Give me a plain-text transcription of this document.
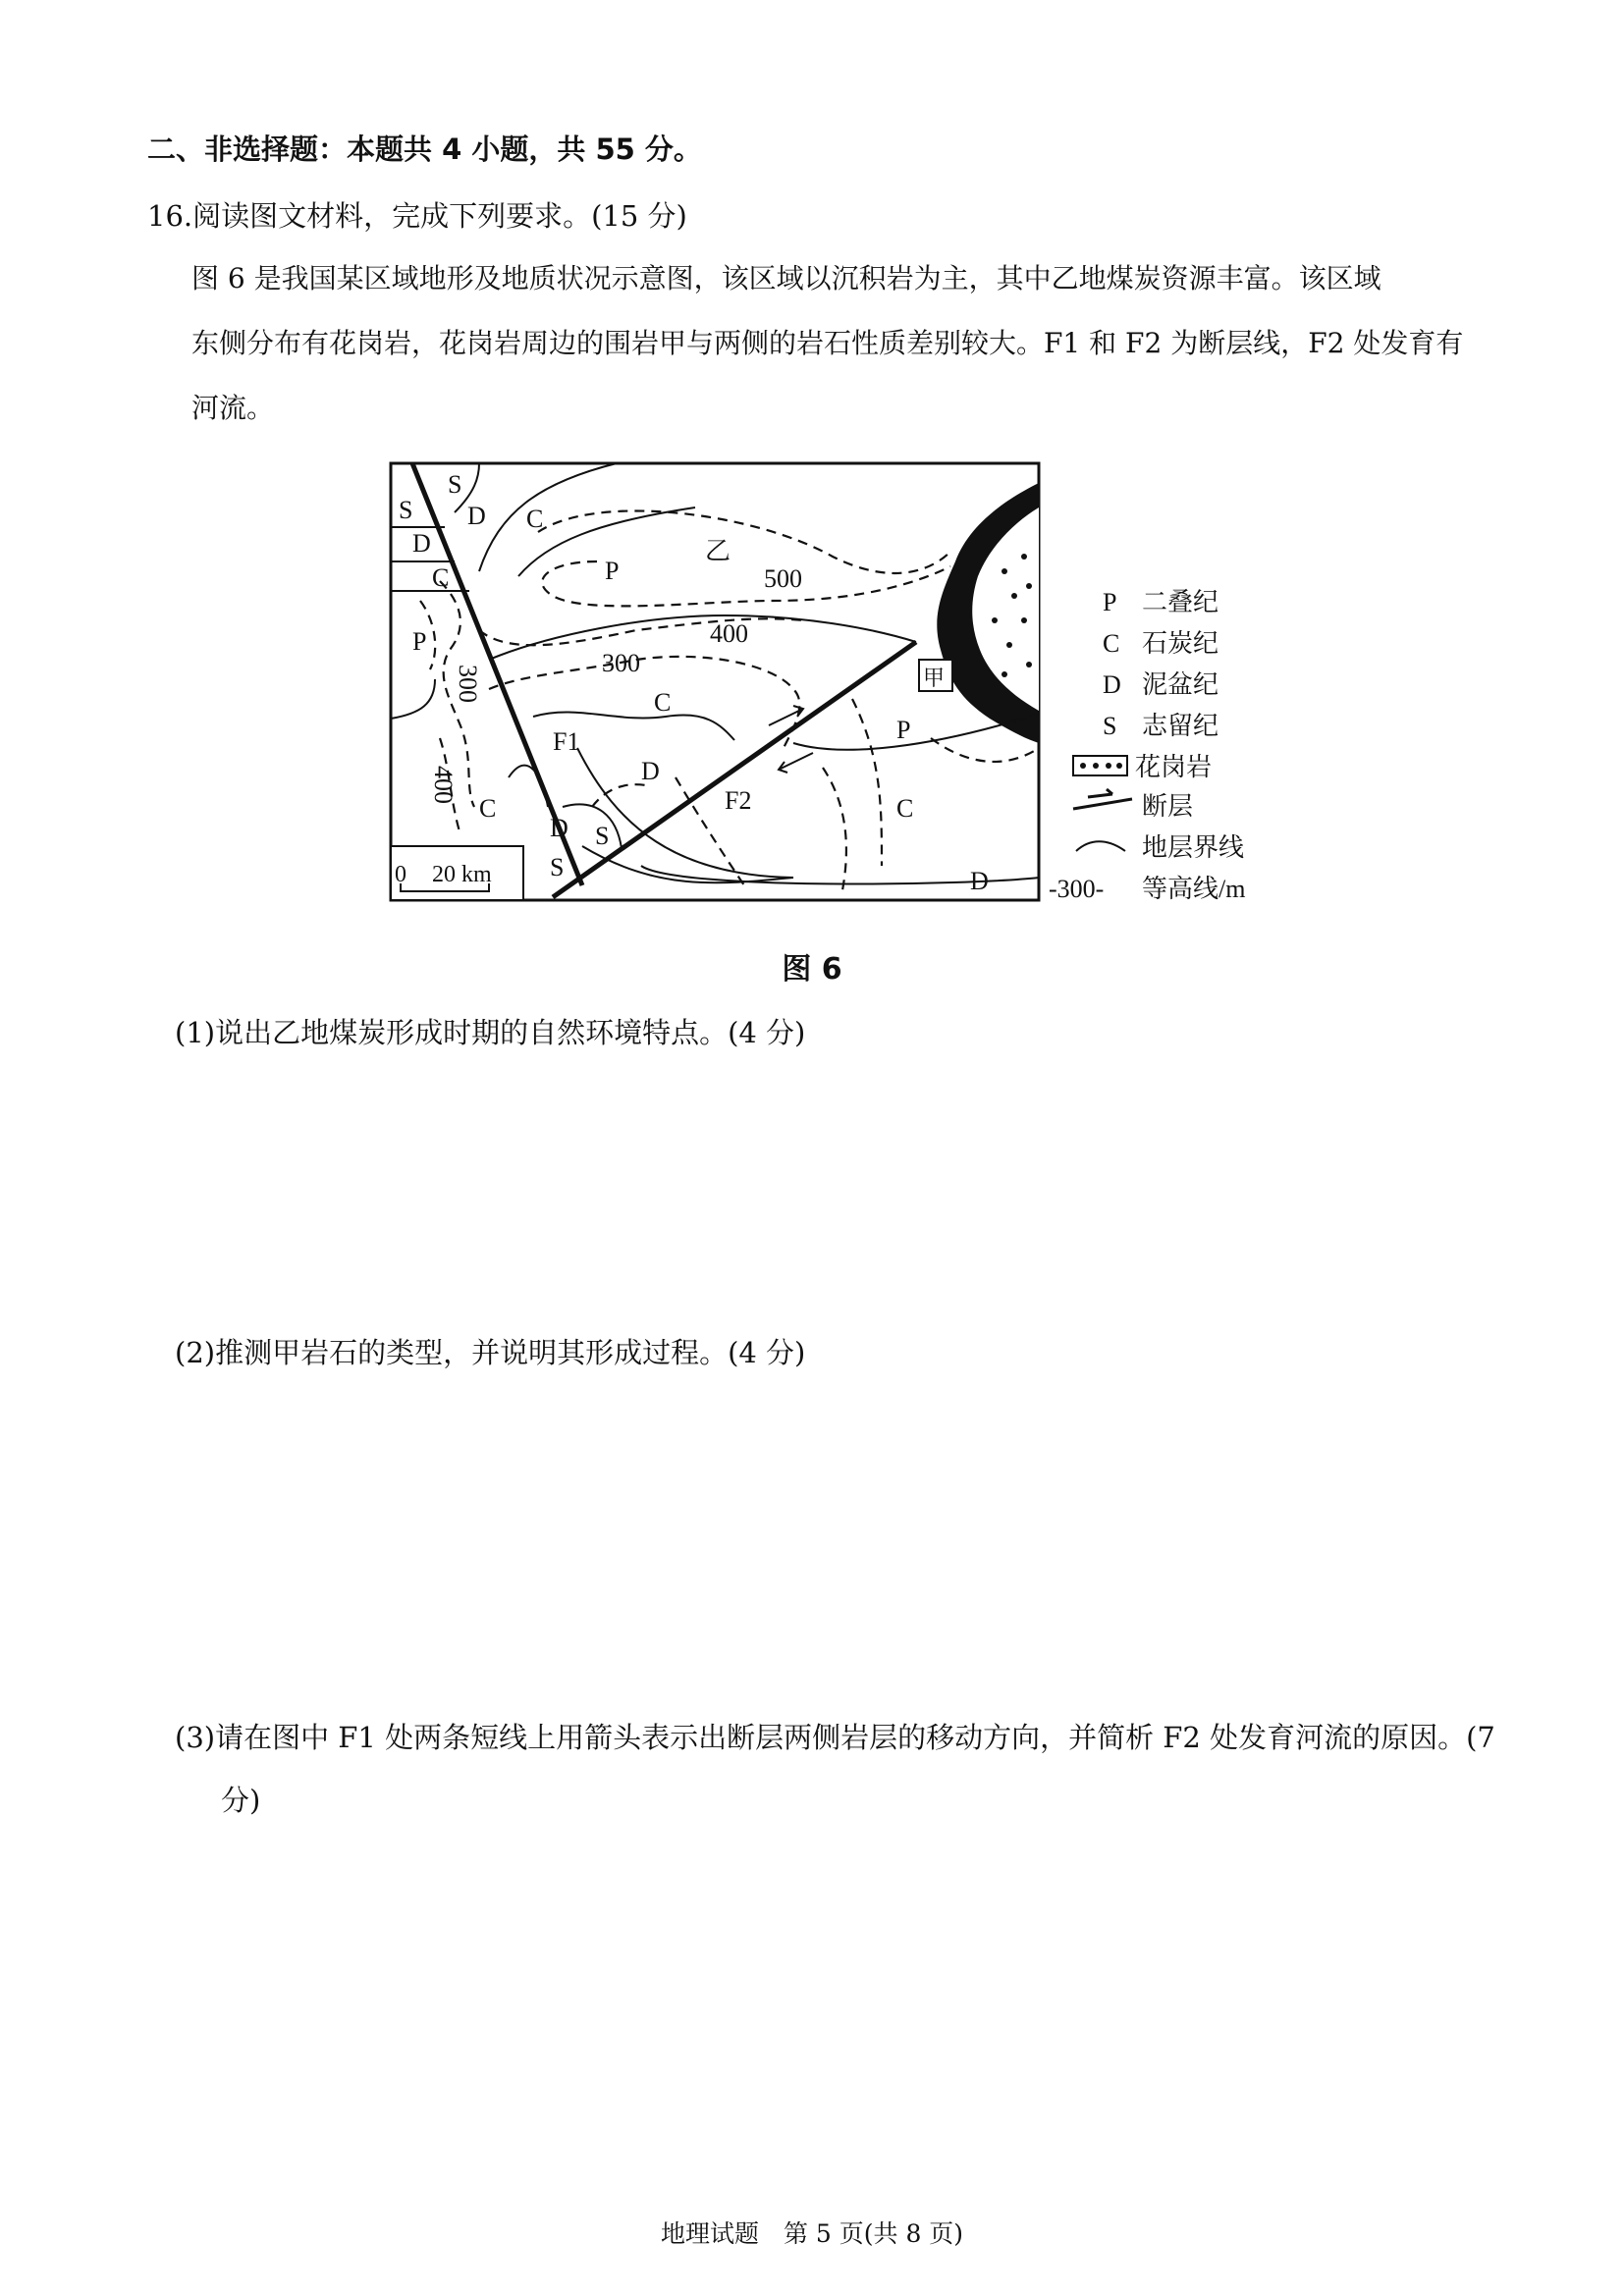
二、非选择题：本题共 4 小题，共 55 分。
16.阅读图文材料，完成下列要求。(15 分)
图 6 是我国某区域地形及地质状况示意图，该区域以沉积岩为主，其中乙地煤炭资源丰富。该区域
东侧分布有花岗岩，花岗岩周边的围岩甲与两侧的岩石性质差别较大。F1 和 F2 为断层线，F2 处发育有
河流。
S
S D
D
C
C	P
乙
500
400
P
300
300
C
F1
D
P
400
C	F2	C
D S
S	D
甲
0 20 km
P 二叠纪
C 石炭纪
D 泥盆纪
S 志留纪
花岗岩
断层
地层界线
-300- 等高线/m
图 6
(1)说出乙地煤炭形成时期的自然环境特点。(4 分)
(2)推测甲岩石的类型，并说明其形成过程。(4 分)
(3)请在图中 F1 处两条短线上用箭头表示出断层两侧岩层的移动方向，并简析 F2 处发育河流的原因。(7
分)
地理试题　第 5 页(共 8 页)
